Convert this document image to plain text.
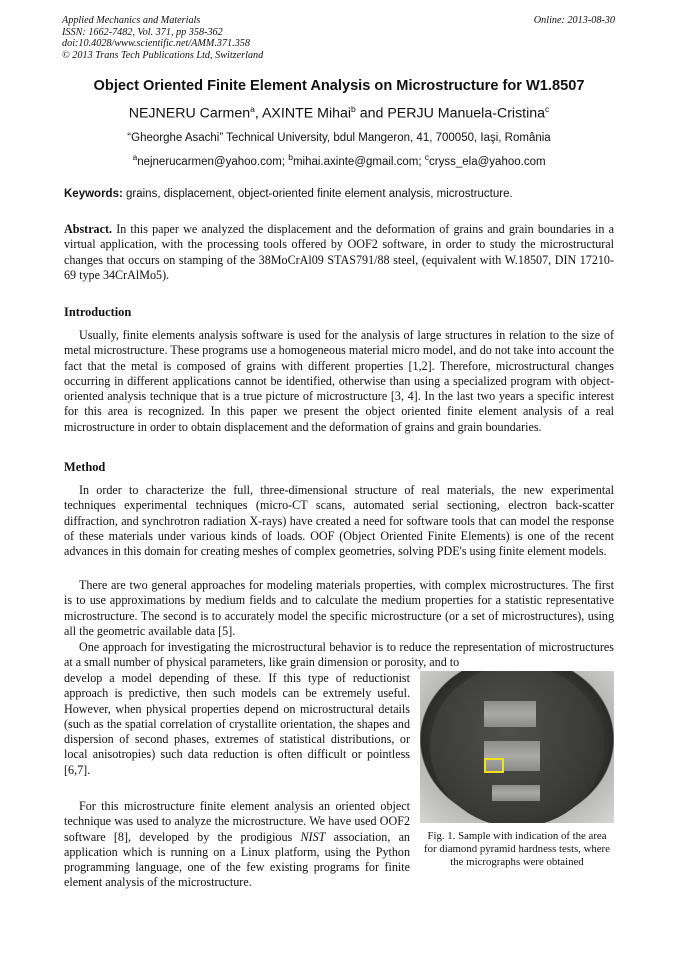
Applied Mechanics and Materials
ISSN: 1662-7482, Vol. 371, pp 358-362
doi:10.4028/www.scientific.net/AMM.371.358
© 2013 Trans Tech Publications Ltd, Switzerland
Online: 2013-08-30
Object Oriented Finite Element Analysis on Microstructure for W1.8507
NEJNERU Carmen$^a$, AXINTE Mihai$^b$ and PERJU Manuela-Cristina$^c$
“Gheorghe Asachi” Technical University, bdul Mangeron, 41, 700050, Iaşi, România
$^a$nejnerucarmen@yahoo.com; $^b$mihai.axinte@gmail.com; $^c$cryss_ela@yahoo.com
Keywords: grains, displacement, object-oriented finite element analysis, microstructure.
Abstract. In this paper we analyzed the displacement and the deformation of grains and grain boundaries in a virtual application, with the processing tools offered by OOF2 software, in order to study the microstructural changes that occurs on stamping of the 38MoCrAl09 STAS791/88 steel, (equivalent with W.18507, DIN 17210-69 type 34CrAlMo5).
Introduction
Usually, finite elements analysis software is used for the analysis of large structures in relation to the size of metal microstructure. These programs use a homogeneous material micro model, and do not take into account the fact that the metal is composed of grains with different properties [1,2]. Therefore, microstructural changes occurring in different applications cannot be identified, otherwise than using a specialized program with object-oriented analysis technique that is a true picture of microstructure [3, 4]. In the last two years a specific interest for this area is recognized. In this paper we present the object oriented finite element analysis of a real microstructure in order to obtain displacement and the deformation of grains and grain boundaries.
Method
In order to characterize the full, three-dimensional structure of real materials, the new experimental techniques experimental techniques (micro-CT scans, automated serial sectioning, electron back-scatter diffraction, and synchrotron radiation X-rays) have created a need for software tools that can model the response of these materials under various kinds of loads. OOF (Object Oriented Finite Elements) is one of the recent advances in this domain for creating meshes of complex geometries, solving PDE's using finite element models.
There are two general approaches for modeling materials properties, with complex microstructures. The first is to use approximations by medium fields and to calculate the medium properties for a statistic representative microstructure. The second is to accurately model the specific microstructure (or a set of microstructures), using all the geometric available data [5].
One approach for investigating the microstructural behavior is to reduce the representation of microstructures at a small number of physical parameters, like grain dimension or porosity, and to
develop a model depending of these. If this type of reductionist approach is predictive, then such models can be extremely useful. However, when physical properties depend on microstructural details (such as the spatial correlation of crystallite orientation, the shapes and dispersion of second phases, extremes of statistical distributions, or local anisotropies) such data reduction is often difficult or pointless [6,7].
For this microstructure finite element analysis an oriented object technique was used to analyze the microstructure. We have used OOF2 software [8], developed by the prodigious NIST association, an application which is running on a Linux platform, using the Python programming language, one of the few existing programs for finite element analysis of the microstructure.
Fig. 1. Sample with indication of the area for diamond pyramid hardness tests, where the micrographs were obtained
